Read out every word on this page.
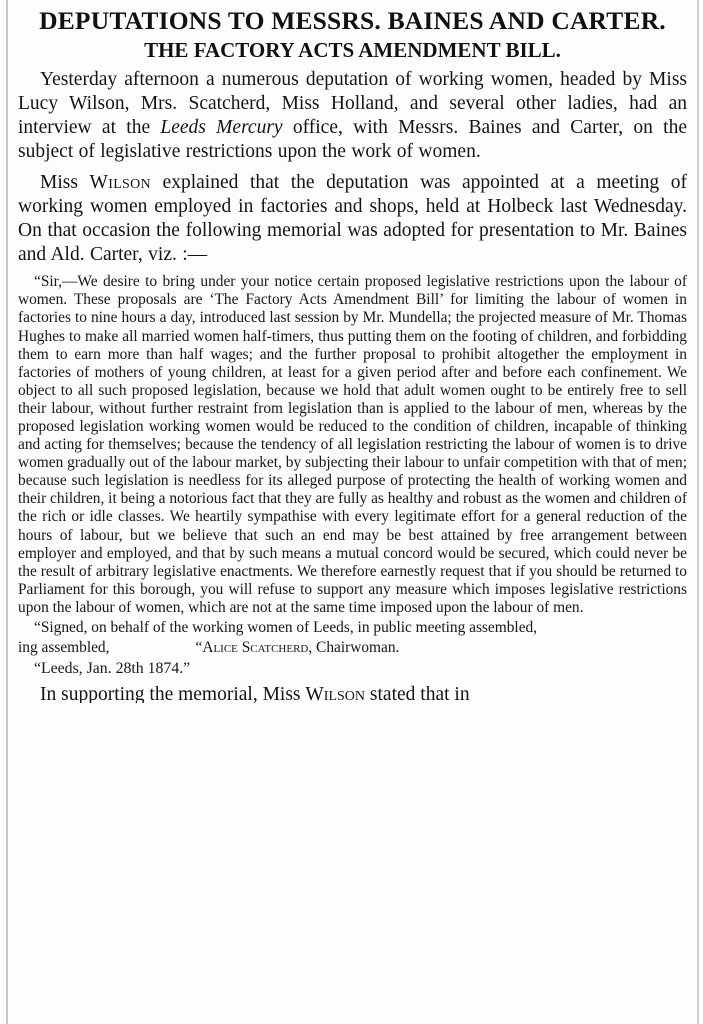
DEPUTATIONS TO MESSRS. BAINES AND CARTER.
THE FACTORY ACTS AMENDMENT BILL.

Yesterday afternoon a numerous deputation of working women, headed by Miss Lucy Wilson, Mrs. Scatcherd, Miss Holland, and several other ladies, had an interview at the Leeds Mercury office, with Messrs. Baines and Carter, on the subject of legislative restrictions upon the work of women.

Miss Wilson explained that the deputation was appointed at a meeting of working women employed in factories and shops, held at Holbeck last Wednesday. On that occasion the following memorial was adopted for presentation to Mr. Baines and Ald. Carter, viz. :—

“Sir,—We desire to bring under your notice certain proposed legislative restrictions upon the labour of women. These proposals are ‘The Factory Acts Amendment Bill’ for limiting the labour of women in factories to nine hours a day, introduced last session by Mr. Mundella; the projected measure of Mr. Thomas Hughes to make all married women half-timers, thus putting them on the footing of children, and forbidding them to earn more than half wages; and the further proposal to prohibit altogether the employment in factories of mothers of young children, at least for a given period after and before each confinement. We object to all such proposed legislation, because we hold that adult women ought to be entirely free to sell their labour, without further restraint from legislation than is applied to the labour of men, whereas by the proposed legislation working women would be reduced to the condition of children, incapable of thinking and acting for themselves; because the tendency of all legislation restricting the labour of women is to drive women gradually out of the labour market, by subjecting their labour to unfair competition with that of men; because such legislation is needless for its alleged purpose of protecting the health of working women and their children, it being a notorious fact that they are fully as healthy and robust as the women and children of the rich or idle classes. We heartily sympathise with every legitimate effort for a general reduction of the hours of labour, but we believe that such an end may be best attained by free arrangement between employer and employed, and that by such means a mutual concord would be secured, which could never be the result of arbitrary legislative enactments. We therefore earnestly request that if you should be returned to Parliament for this borough, you will refuse to support any measure which imposes legislative restrictions upon the labour of women, which are not at the same time imposed upon the labour of men.

“Signed, on behalf of the working women of Leeds, in public meeting assembled,

ing assembled,	“Alice Scatcherd, Chairwoman.

“Leeds, Jan. 28th 1874.”

In supporting the memorial, Miss Wilson stated that in
